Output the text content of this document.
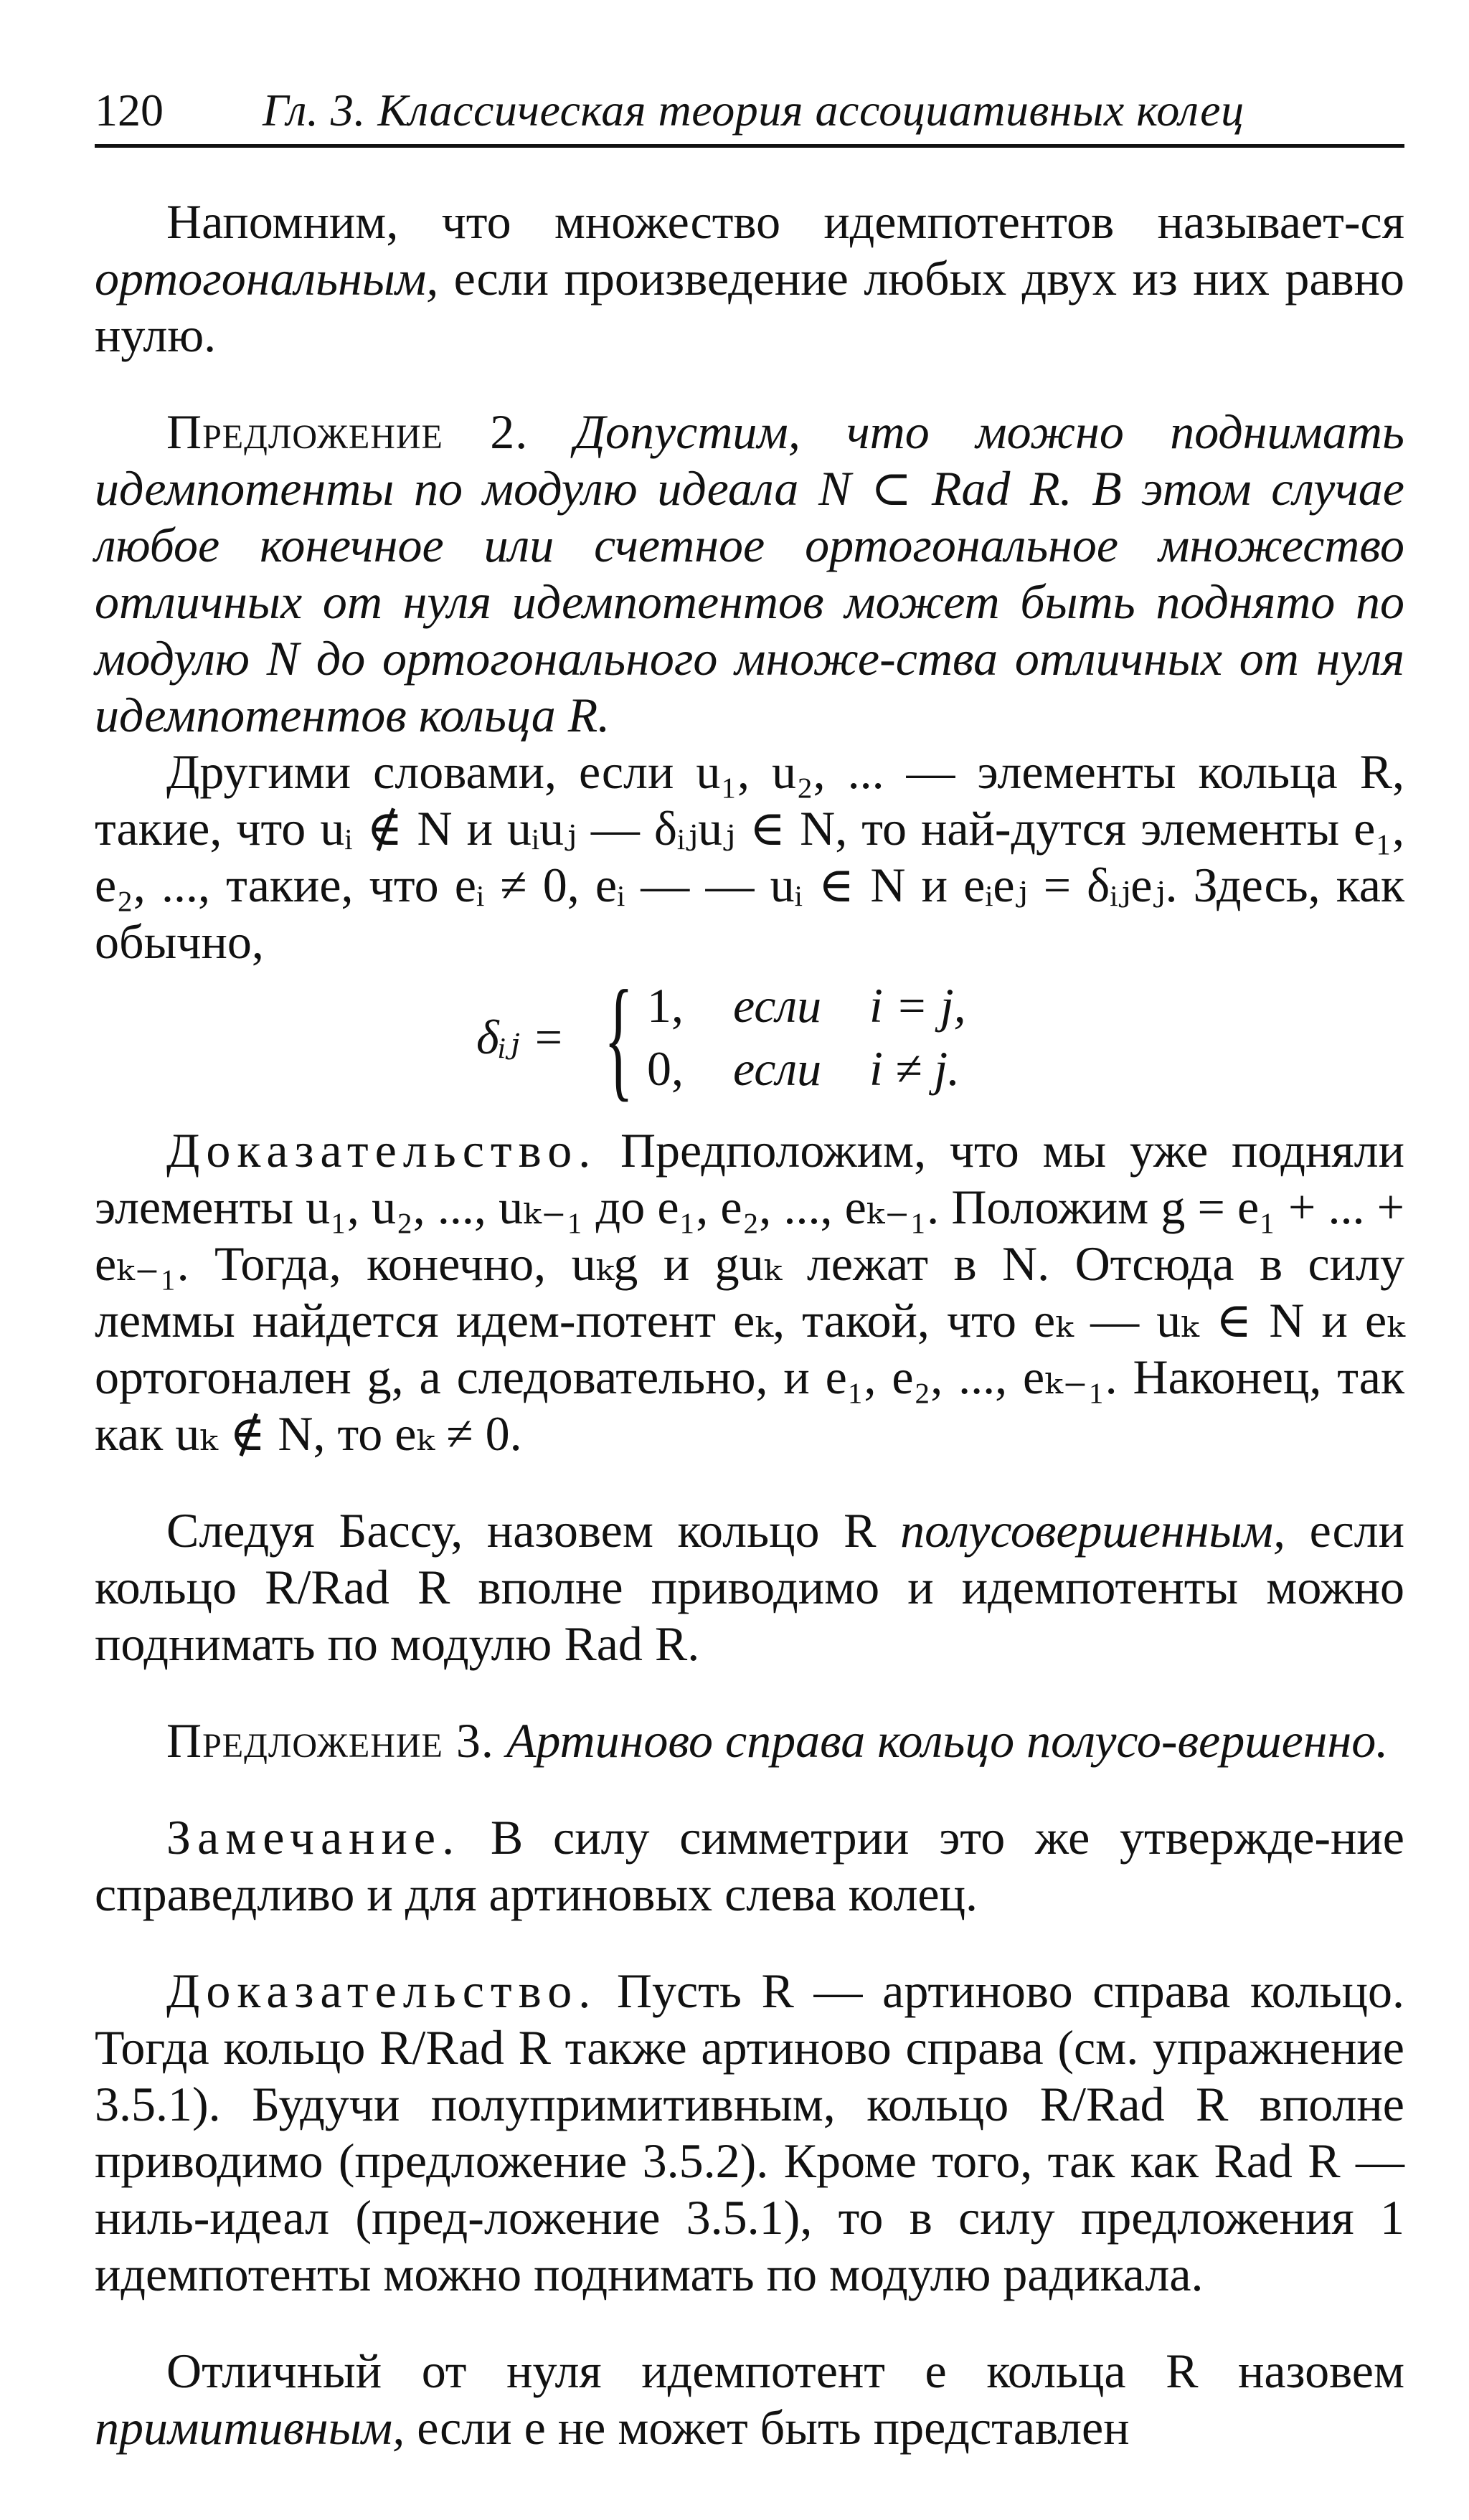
120 Гл. 3. Классическая теория ассоциативных колец

Напомним, что множество идемпотентов называет-ся ортогональным, если произведение любых двух из них равно нулю.

Предложение 2. Допустим, что можно поднимать идемпотенты по модулю идеала N ⊂ Rad R. В этом случае любое конечное или счетное ортогональное множество отличных от нуля идемпотентов может быть поднято по модулю N до ортогонального множе-ства отличных от нуля идемпотентов кольца R.

Другими словами, если u₁, u₂, ... — элементы кольца R, такие, что uᵢ ∉ N и uᵢuⱼ — δᵢⱼuⱼ ∈ N, то най-дутся элементы e₁, e₂, ..., такие, что eᵢ ≠ 0, eᵢ — — uᵢ ∈ N и eᵢeⱼ = δᵢⱼeⱼ. Здесь, как обычно,

δᵢⱼ = { 1, если i = j,
0, если i ≠ j.

Доказательство. Предположим, что мы уже подняли элементы u₁, u₂, ..., uₖ₋₁ до e₁, e₂, ..., eₖ₋₁. Положим g = e₁ + ... + eₖ₋₁. Тогда, конечно, uₖg и guₖ лежат в N. Отсюда в силу леммы найдется идем-потент eₖ, такой, что eₖ — uₖ ∈ N и eₖ ортогонален g, а следовательно, и e₁, e₂, ..., eₖ₋₁. Наконец, так как uₖ ∉ N, то eₖ ≠ 0.

Следуя Бассу, назовем кольцо R полусовершенным, если кольцо R/Rad R вполне приводимо и идемпотенты можно поднимать по модулю Rad R.

Предложение 3. Артиново справа кольцо полусо-вершенно.

Замечание. В силу симметрии это же утвержде-ние справедливо и для артиновых слева колец.

Доказательство. Пусть R — артиново справа кольцо. Тогда кольцо R/Rad R также артиново справа (см. упражнение 3.5.1). Будучи полупримитивным, кольцо R/Rad R вполне приводимо (предложение 3.5.2). Кроме того, так как Rad R — ниль-идеал (пред-ложение 3.5.1), то в силу предложения 1 идемпотенты можно поднимать по модулю радикала.

Отличный от нуля идемпотент e кольца R назовем примитивным, если e не может быть представлен
